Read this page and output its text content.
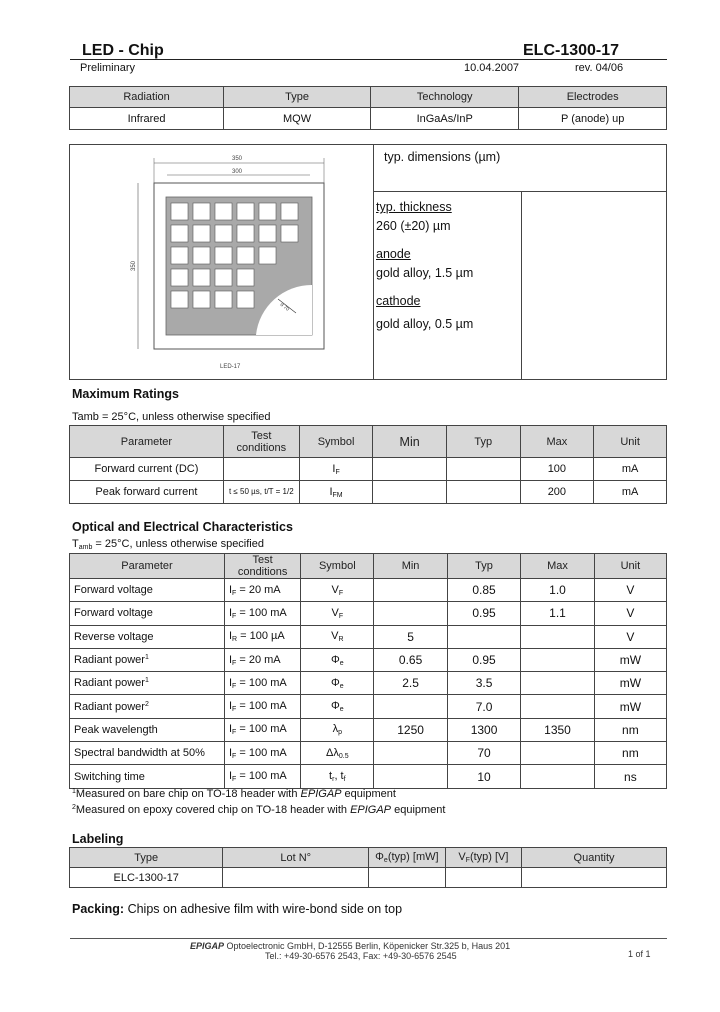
LED - Chip	ELC-1300-17
Preliminary	10.04.2007	rev. 04/06
Radiation	Type	Technology	Electrodes
Infrared	MQW	InGaAs/InP	P (anode) up
typ. dimensions (µm)
typ. thickness
260 (±20) µm
anode
gold alloy, 1.5 µm
cathode
gold alloy, 0.5 µm
350
300
350
d 70
LED-17
Maximum Ratings
Tamb = 25°C, unless otherwise specified
Parameter	Test conditions	Symbol	Min	Typ	Max	Unit
Forward current (DC)		$I_F$			100	mA
Peak forward current	t ≤ 50 µs, t/T = 1/2	$I_{FM}$			200	mA
Optical and Electrical Characteristics
$T_{amb} = 25^\circ C$, unless otherwise specified
Parameter	Test conditions	Symbol	Min	Typ	Max	Unit
Forward voltage	$I_F = 20$ mA	$V_F$		0.85	1.0	V
Forward voltage	$I_F = 100$ mA	$V_F$		0.95	1.1	V
Reverse voltage	$I_R = 100$ µA	$V_R$	5			V
Radiant power$^1$	$I_F = 20$ mA	$\Phi_e$	0.65	0.95		mW
Radiant power$^1$	$I_F = 100$ mA	$\Phi_e$	2.5	3.5		mW
Radiant power$^2$	$I_F = 100$ mA	$\Phi_e$		7.0		mW
Peak wavelength	$I_F = 100$ mA	$\lambda_p$	1250	1300	1350	nm
Spectral bandwidth at 50%	$I_F = 100$ mA	$\Delta\lambda_{0.5}$		70		nm
Switching time	$I_F = 100$ mA	$t_r$, $t_f$		10		ns
$^1$Measured on bare chip on TO-18 header with EPIGAP equipment
$^2$Measured on epoxy covered chip on TO-18 header with EPIGAP equipment
Labeling
Type	Lot N°	$\Phi_e(typ)$ [mW]	$V_F(typ)$ [V]	Quantity
ELC-1300-17				
Packing: Chips on adhesive film with wire-bond side on top
EPIGAP Optoelectronic GmbH, D-12555 Berlin, Köpenicker Str.325 b, Haus 201
Tel.: +49-30-6576 2543, Fax: +49-30-6576 2545	1 of 1
